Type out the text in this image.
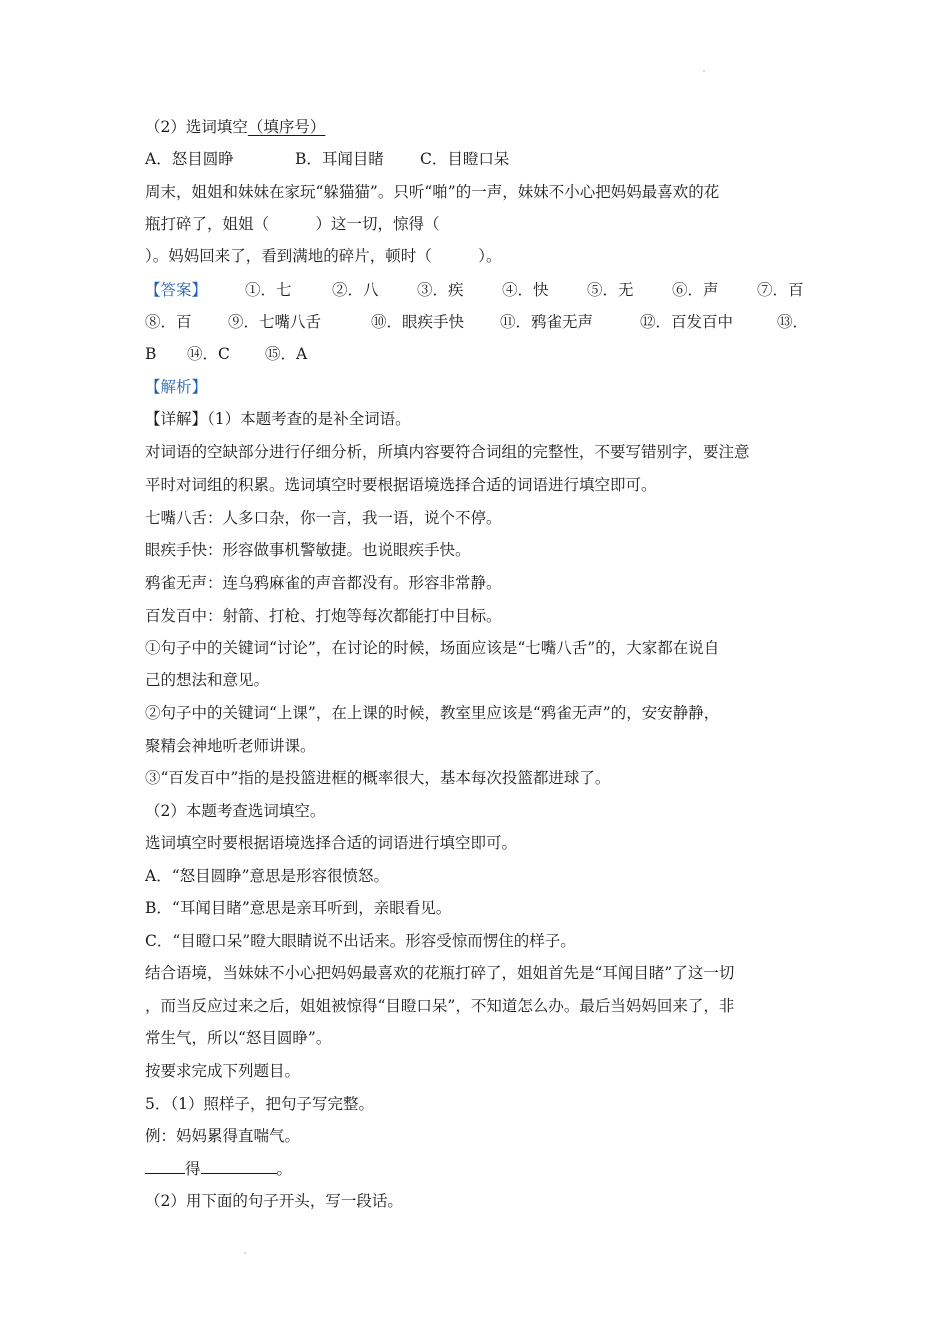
（2）选词填空（填序号）
A．怒目圆睁	B．耳闻目睹 C．目瞪口呆
周末，姐姐和妹妹在家玩“躲猫猫”。只听“啪”的一声，妹妹不小心把妈妈最喜欢的花
瓶打碎了，姐姐（　　　）这一切，惊得（
）。妈妈回来了，看到满地的碎片，顿时（　　　）。
【答案】 ①．七	②．八 ③．疾 ④．快 ⑤．无 ⑥．声 ⑦．百
⑧．百 ⑨．七嘴八舌	⑩．眼疾手快 ⑪．鸦雀无声	⑫．百发百中	⑬．
B ⑭．C ⑮．A
【解析】
【详解】（1）本题考查的是补全词语。
对词语的空缺部分进行仔细分析，所填内容要符合词组的完整性，不要写错别字，要注意
平时对词组的积累。选词填空时要根据语境选择合适的词语进行填空即可。
七嘴八舌：人多口杂，你一言，我一语，说个不停。
眼疾手快：形容做事机警敏捷。也说眼疾手快。
鸦雀无声：连乌鸦麻雀的声音都没有。形容非常静。
百发百中：射箭、打枪、打炮等每次都能打中目标。
①句子中的关键词“讨论”，在讨论的时候，场面应该是“七嘴八舌”的，大家都在说自
己的想法和意见。
②句子中的关键词“上课”，在上课的时候，教室里应该是“鸦雀无声”的，安安静静，
聚精会神地听老师讲课。
③“百发百中”指的是投篮进框的概率很大，基本每次投篮都进球了。
（2）本题考查选词填空。
选词填空时要根据语境选择合适的词语进行填空即可。
A．“怒目圆睁”意思是形容很愤怒。
B．“耳闻目睹”意思是亲耳听到，亲眼看见。
C．“目瞪口呆”瞪大眼睛说不出话来。形容受惊而愣住的样子。
结合语境，当妹妹不小心把妈妈最喜欢的花瓶打碎了，姐姐首先是“耳闻目睹”了这一切
，而当反应过来之后，姐姐被惊得“目瞪口呆”，不知道怎么办。最后当妈妈回来了，非
常生气，所以“怒目圆睁”。
按要求完成下列题目。
5．（1）照样子，把句子写完整。
例：妈妈累得直喘气。
得	。
（2）用下面的句子开头，写一段话。
